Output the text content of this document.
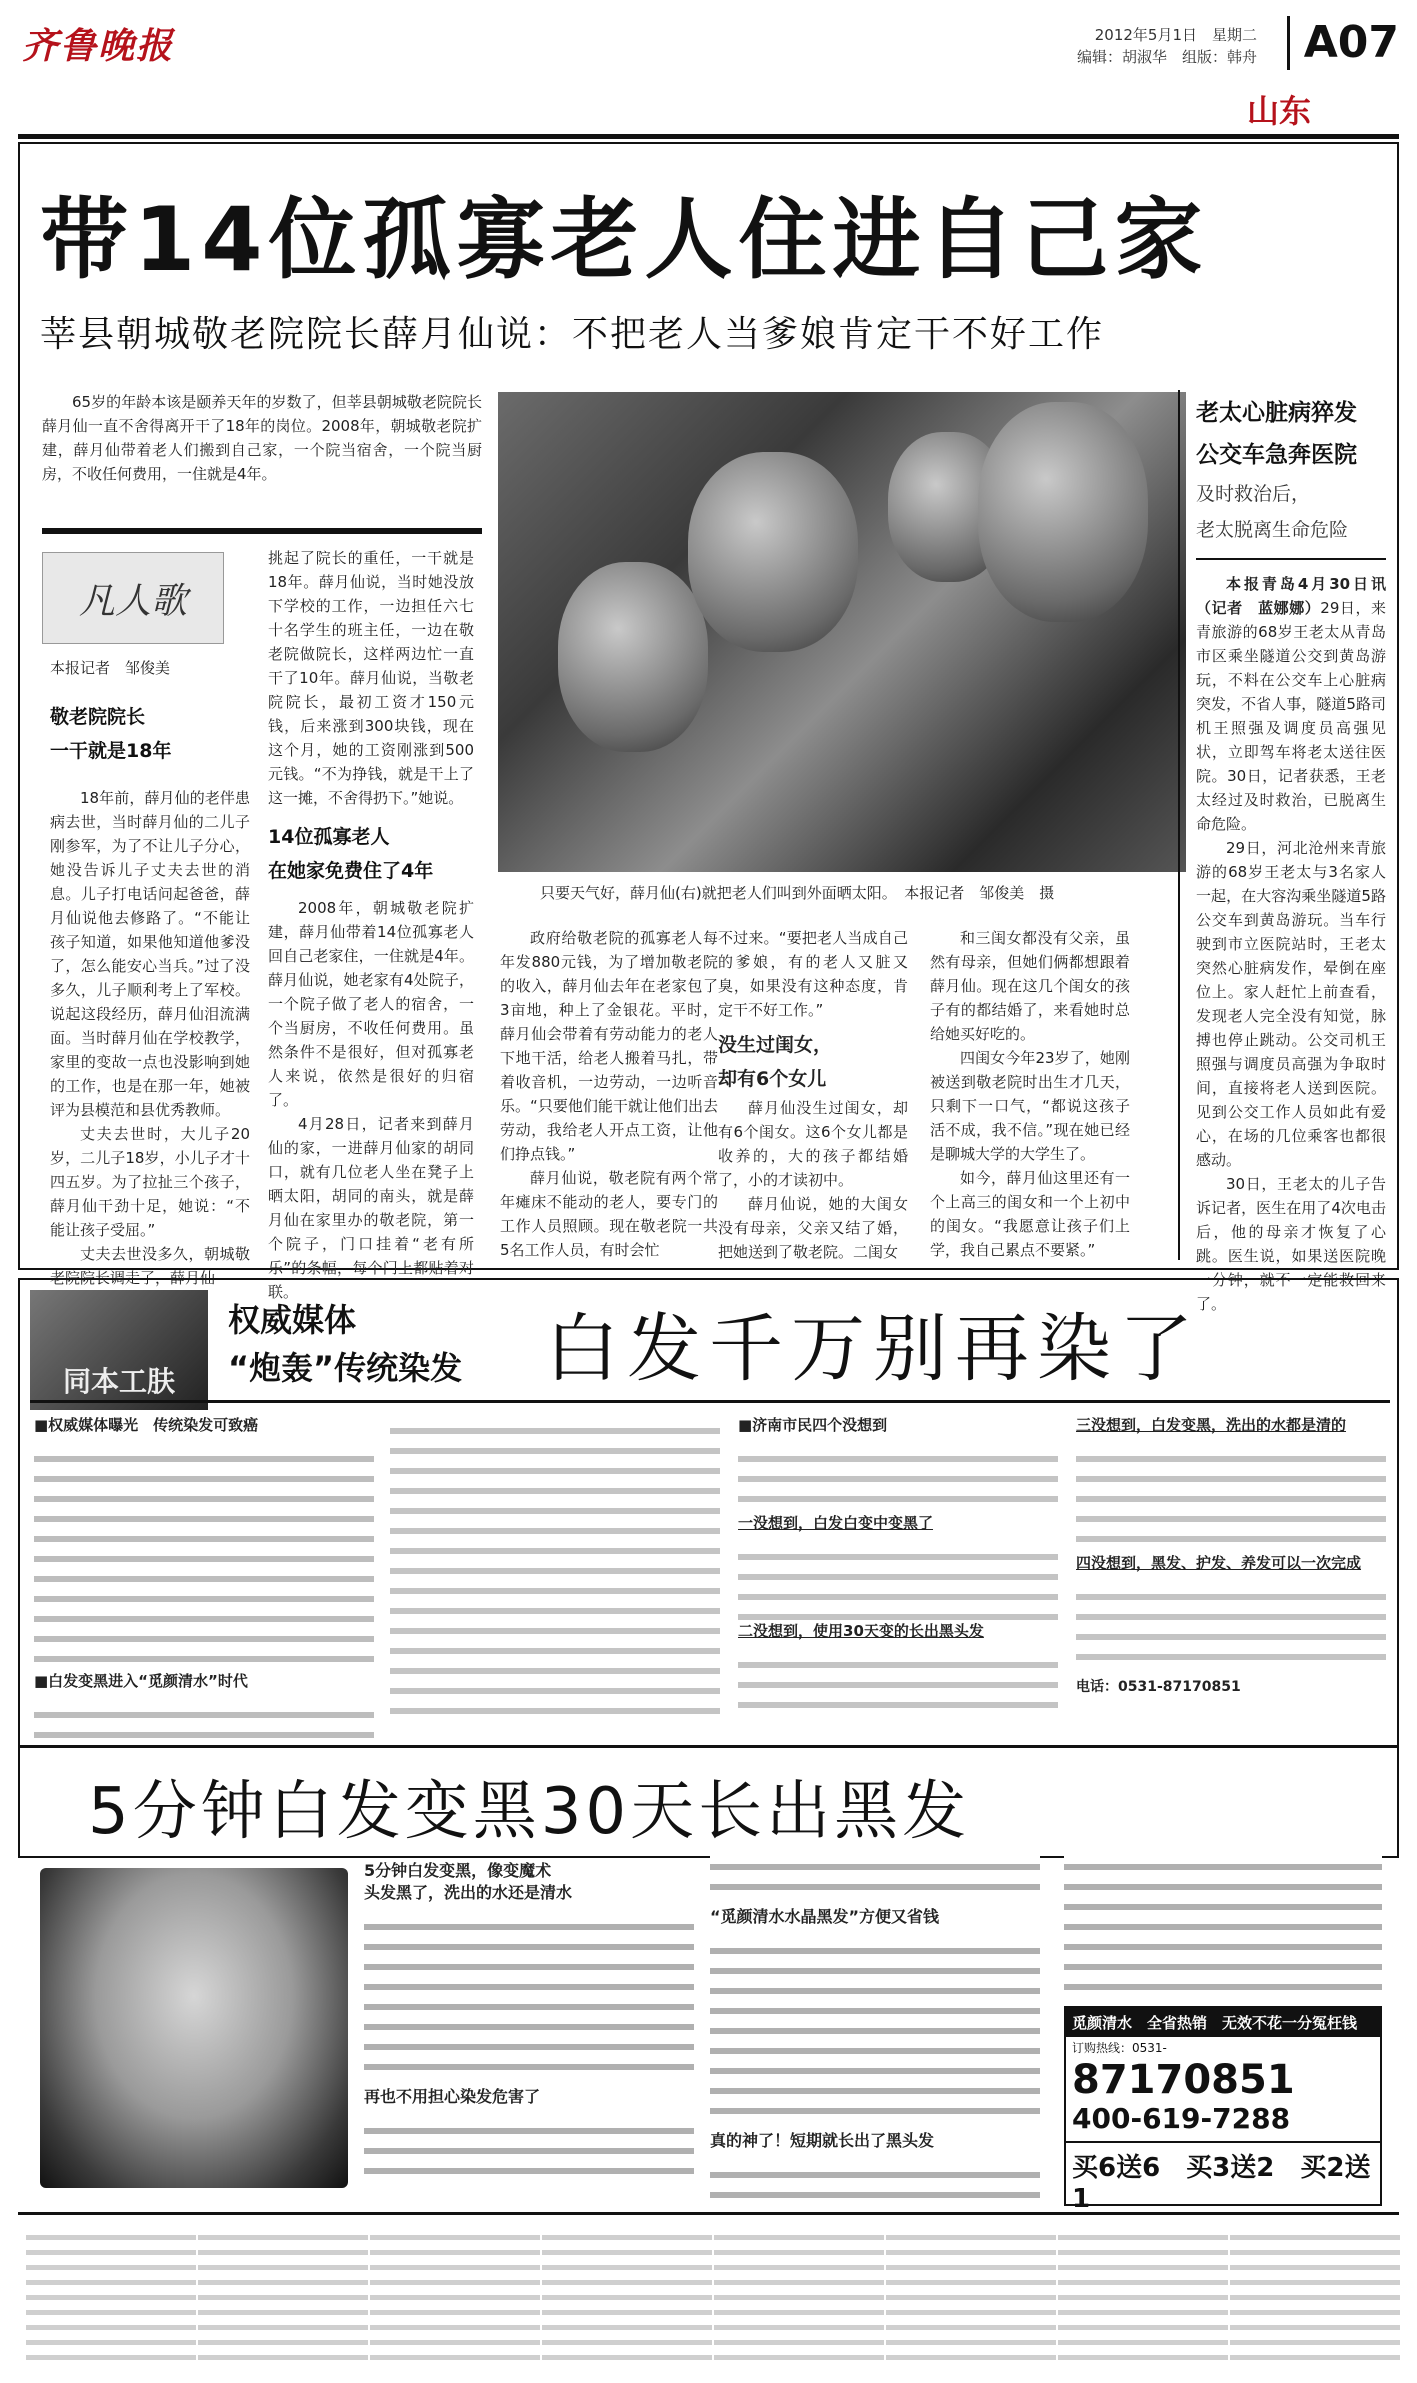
齐鲁晚报	2012年5月1日　星期二
编辑：胡淑华　组版：韩舟	A07
山东
带14位孤寡老人住进自己家
莘县朝城敬老院院长薛月仙说：不把老人当爹娘肯定干不好工作

65岁的年龄本该是颐养天年的岁数了，但莘县朝城敬老院院长薛月仙一直不舍得离开干了18年的岗位。2008年，朝城敬老院扩建，薛月仙带着老人们搬到自己家，一个院当宿舍，一个院当厨房，不收任何费用，一住就是4年。

凡人歌
本报记者　邹俊美
敬老院院长
一干就是18年

18年前，薛月仙的老伴患病去世，当时薛月仙的二儿子刚参军，为了不让儿子分心，她没告诉儿子丈夫去世的消息。儿子打电话问起爸爸，薛月仙说他去修路了。“不能让孩子知道，如果他知道他爹没了，怎么能安心当兵。”过了没多久，儿子顺利考上了军校。说起这段经历，薛月仙泪流满面。当时薛月仙在学校教学，家里的变故一点也没影响到她的工作，也是在那一年，她被评为县模范和县优秀教师。

丈夫去世时，大儿子20岁，二儿子18岁，小儿子才十四五岁。为了拉扯三个孩子，薛月仙干劲十足，她说：“不能让孩子受屈。”

丈夫去世没多久，朝城敬老院院长调走了，薛月仙

挑起了院长的重任，一干就是18年。薛月仙说，当时她没放下学校的工作，一边担任六七十名学生的班主任，一边在敬老院做院长，这样两边忙一直干了10年。薛月仙说，当敬老院院长，最初工资才150元钱，后来涨到300块钱，现在这个月，她的工资刚涨到500元钱。“不为挣钱，就是干上了这一摊，不舍得扔下。”她说。

14位孤寡老人
在她家免费住了4年

2008年，朝城敬老院扩建，薛月仙带着14位孤寡老人回自己老家住，一住就是4年。薛月仙说，她老家有4处院子，一个院子做了老人的宿舍，一个当厨房，不收任何费用。虽然条件不是很好，但对孤寡老人来说，依然是很好的归宿了。

4月28日，记者来到薛月仙的家，一进薛月仙家的胡同口，就有几位老人坐在凳子上晒太阳，胡同的南头，就是薛月仙在家里办的敬老院，第一个院子，门口挂着“老有所乐”的条幅，每个门上都贴着对联。

只要天气好，薛月仙(右)就把老人们叫到外面晒太阳。　本报记者　邹俊美　摄

政府给敬老院的孤寡老人每年发880元钱，为了增加敬老院的收入，薛月仙去年在老家包了3亩地，种上了金银花。平时，薛月仙会带着有劳动能力的老人下地干活，给老人搬着马扎，带着收音机，一边劳动，一边听音乐。“只要他们能干就让他们出去劳动，我给老人开点工资，让他们挣点钱。”

薛月仙说，敬老院有两个常年瘫床不能动的老人，要专门的工作人员照顾。现在敬老院一共5名工作人员，有时会忙

不过来。“要把老人当成自己的爹娘，有的老人又脏又臭，如果没有这种态度，肯定干不好工作。”

没生过闺女，
却有6个女儿

薛月仙没生过闺女，却有6个闺女。这6个女儿都是收养的，大的孩子都结婚了，小的才读初中。

薛月仙说，她的大闺女没有母亲，父亲又结了婚，把她送到了敬老院。二闺女

和三闺女都没有父亲，虽然有母亲，但她们俩都想跟着薛月仙。现在这几个闺女的孩子有的都结婚了，来看她时总给她买好吃的。

四闺女今年23岁了，她刚被送到敬老院时出生才几天，只剩下一口气，“都说这孩子活不成，我不信。”现在她已经是聊城大学的大学生了。

如今，薛月仙这里还有一个上高三的闺女和一个上初中的闺女。“我愿意让孩子们上学，我自己累点不要紧。”

老太心脏病猝发
公交车急奔医院
及时救治后，
老太脱离生命危险

本报青岛4月30日讯（记者　蓝娜娜）29日，来青旅游的68岁王老太从青岛市区乘坐隧道公交到黄岛游玩，不料在公交车上心脏病突发，不省人事，隧道5路司机王照强及调度员高强见状，立即驾车将老太送往医院。30日，记者获悉，王老太经过及时救治，已脱离生命危险。

29日，河北沧州来青旅游的68岁王老太与3名家人一起，在大容沟乘坐隧道5路公交车到黄岛游玩。当车行驶到市立医院站时，王老太突然心脏病发作，晕倒在座位上。家人赶忙上前查看，发现老人完全没有知觉，脉搏也停止跳动。公交司机王照强与调度员高强为争取时间，直接将老人送到医院。见到公交工作人员如此有爱心，在场的几位乘客也都很感动。

30日，王老太的儿子告诉记者，医生在用了4次电击后，他的母亲才恢复了心跳。医生说，如果送医院晚一分钟，就不一定能救回来了。

同本工肤
权威媒体
“炮轰”传统染发 白发千万别再染了
■权威媒体曝光　传统染发可致癌
■白发变黑进入“觅颜清水”时代
■济南市民四个没想到
一没想到，白发白变中变黑了
二没想到，使用30天变的长出黑头发
三没想到，白发变黑，洗出的水都是清的
四没想到，黑发、护发、养发可以一次完成
电话：0531-87170851
5分钟白发变黑30天长出黑发
5分钟白发变黑，像变魔术
头发黑了，洗出的水还是清水
再也不用担心染发危害了
“觅颜清水水晶黑发”方便又省钱
真的神了！短期就长出了黑头发
觅颜清水　全省热销　无效不花一分冤枉钱
订购热线：0531-
87170851
400-619-7288
买6送6　买3送2　买2送1
